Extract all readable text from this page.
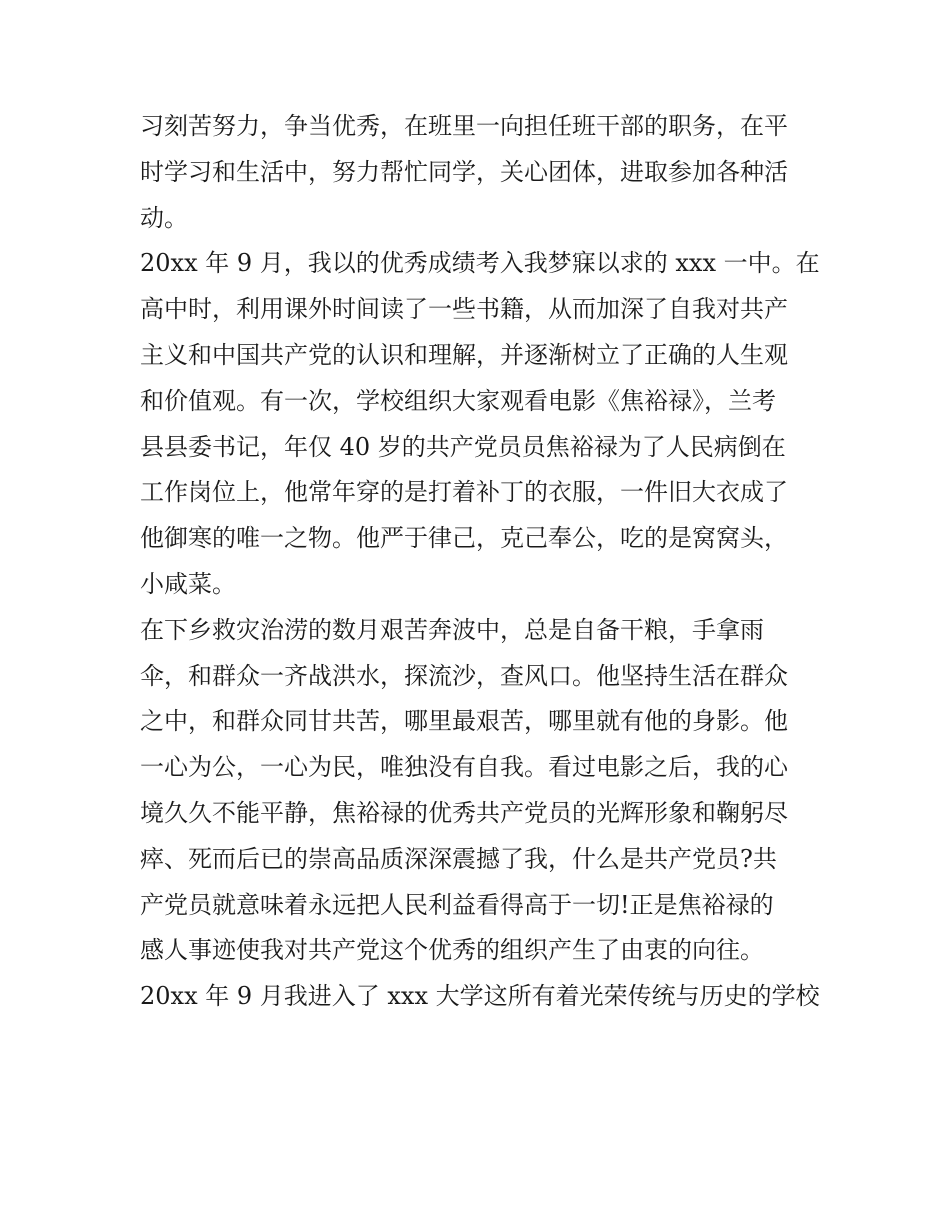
习刻苦努力，争当优秀，在班里一向担任班干部的职务，在平
时学习和生活中，努力帮忙同学，关心团体，进取参加各种活
动。
20xx 年 9 月，我以的优秀成绩考入我梦寐以求的 xxx 一中。在
高中时，利用课外时间读了一些书籍，从而加深了自我对共产
主义和中国共产党的认识和理解，并逐渐树立了正确的人生观
和价值观。有一次，学校组织大家观看电影《焦裕禄》，兰考
县县委书记，年仅 40 岁的共产党员员焦裕禄为了人民病倒在
工作岗位上，他常年穿的是打着补丁的衣服，一件旧大衣成了
他御寒的唯一之物。他严于律己，克己奉公，吃的是窝窝头，
小咸菜。
在下乡救灾治涝的数月艰苦奔波中，总是自备干粮，手拿雨
伞，和群众一齐战洪水，探流沙，查风口。他坚持生活在群众
之中，和群众同甘共苦，哪里最艰苦，哪里就有他的身影。他
一心为公，一心为民，唯独没有自我。看过电影之后，我的心
境久久不能平静，焦裕禄的优秀共产党员的光辉形象和鞠躬尽
瘁、死而后已的崇高品质深深震撼了我，什么是共产党员?共
产党员就意味着永远把人民利益看得高于一切!正是焦裕禄的
感人事迹使我对共产党这个优秀的组织产生了由衷的向往。
20xx 年 9 月我进入了 xxx 大学这所有着光荣传统与历史的学校
